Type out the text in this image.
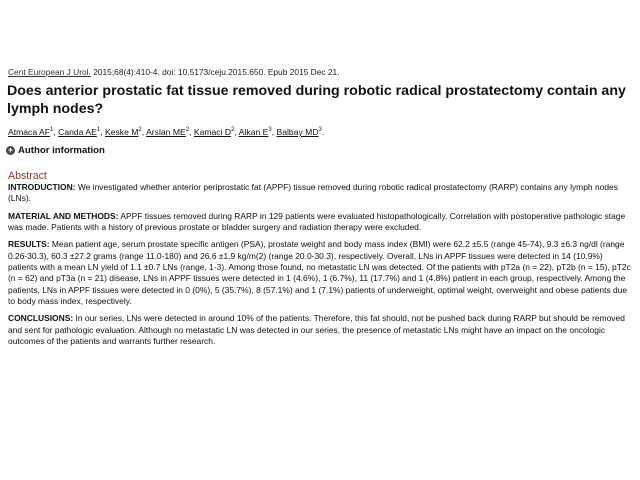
Cent European J Urol. 2015;68(4):410-4. doi: 10.5173/ceju.2015.650. Epub 2015 Dec 21.
Does anterior prostatic fat tissue removed during robotic radical prostatectomy contain any lymph nodes?
Atmaca $AF^1$, Canda $AE^1$, Keske $M^2$, Arslan $ME^2$, Kamaci $D^2$, Alkan $E^3$, Balbay $MD^3$.
+ Author information
Abstract

INTRODUCTION: We investigated whether anterior periprostatic fat (APPF) tissue removed during robotic radical prostatectomy (RARP) contains any lymph nodes (LNs).

MATERIAL AND METHODS: APPF tissues removed during RARP in 129 patients were evaluated histopathologically. Correlation with postoperative pathologic stage was made. Patients with a history of previous prostate or bladder surgery and radiation therapy were excluded.

RESULTS: Mean patient age, serum prostate specific antigen (PSA), prostate weight and body mass index (BMI) were 62.2 ±5.5 (range 45-74), 9.3 ±6.3 ng/dl (range 0.26-30.3), 60.3 ±27.2 grams (range 11.0-180) and 26.6 ±1.9 kg/m(2) (range 20.0-30.3), respectively. Overall, LNs in APPF tissues were detected in 14 (10.9%) patients with a mean LN yield of 1.1 ±0.7 LNs (range, 1-3). Among those found, no metastatic LN was detected. Of the patients with pT2a (n = 22), pT2b (n = 15), pT2c (n = 62) and pT3a (n = 21) disease, LNs in APPF tissues were detected in 1 (4.6%), 1 (6.7%), 11 (17.7%) and 1 (4.8%) patient in each group, respectively. Among the patients, LNs in APPF tissues were detected in 0 (0%), 5 (35.7%), 8 (57.1%) and 1 (7.1%) patients of underweight, optimal weight, overweight and obese patients due to body mass index, respectively.

CONCLUSIONS: In our series, LNs were detected in around 10% of the patients. Therefore, this fat should, not be pushed back during RARP but should be removed and sent for pathologic evaluation. Although no metastatic LN was detected in our series, the presence of metastatic LNs might have an impact on the oncologic outcomes of the patients and warrants further research.
